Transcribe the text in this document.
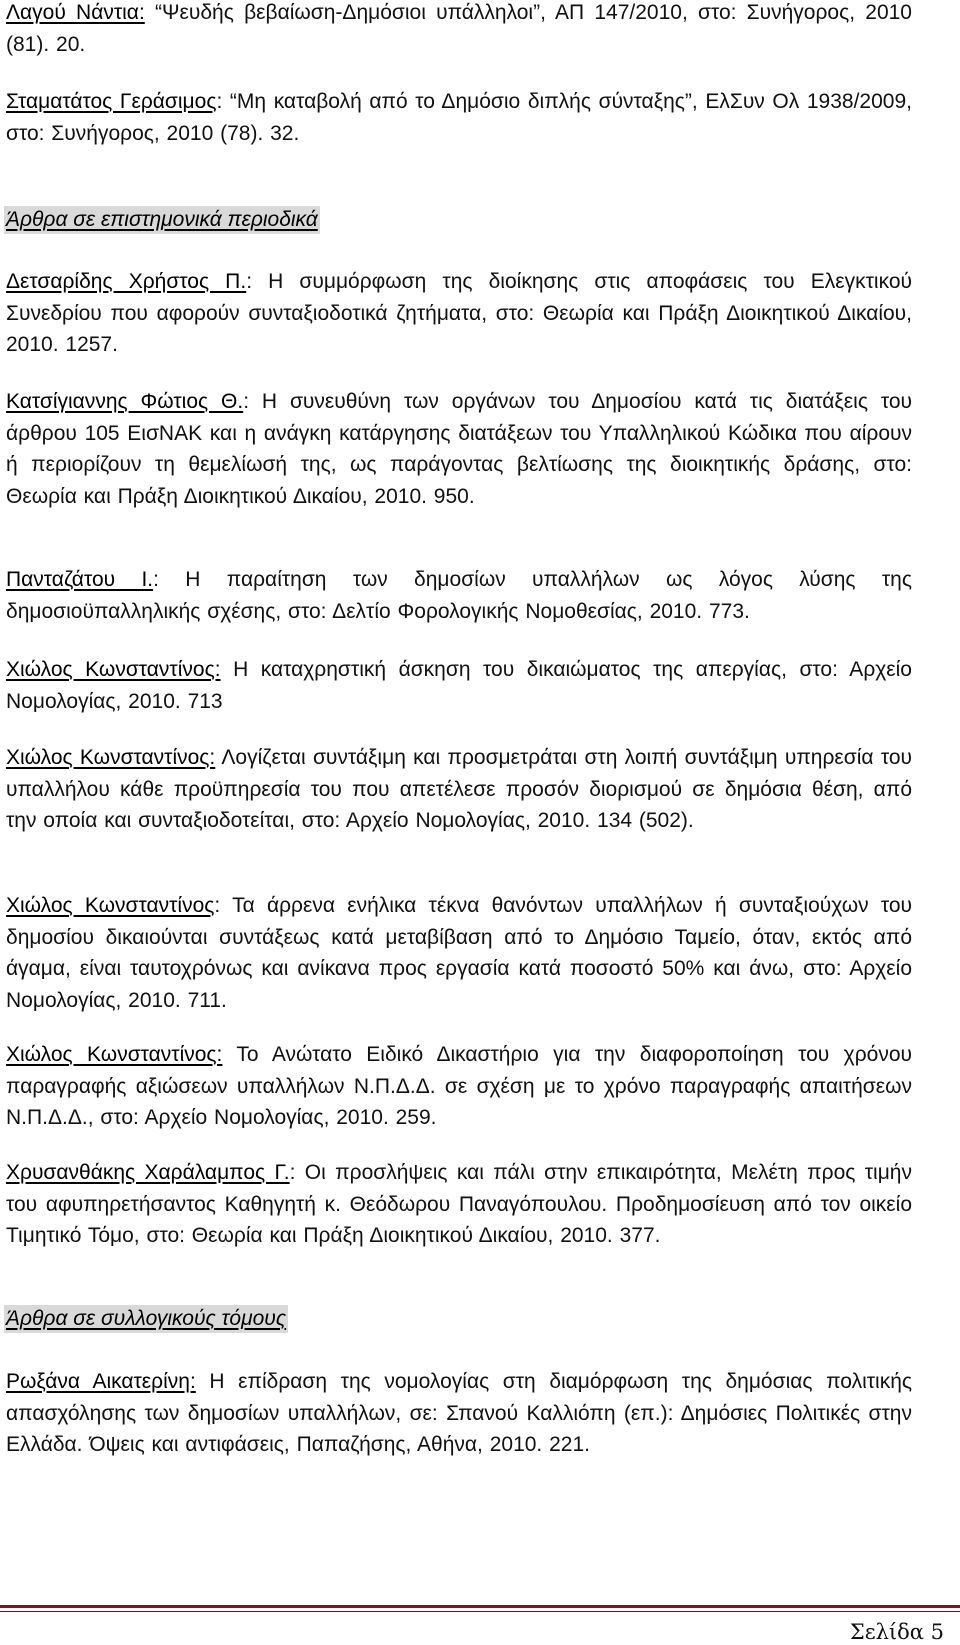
Λαγού Νάντια: “Ψευδής βεβαίωση-Δημόσιοι υπάλληλοι”, ΑΠ 147/2010, στο: Συνήγορος, 2010 (81). 20.

Σταματάτος Γεράσιμος: “Μη καταβολή από το Δημόσιο διπλής σύνταξης”, ΕλΣυν Ολ 1938/2009, στο: Συνήγορος, 2010 (78). 32.

Άρθρα σε επιστημονικά περιοδικά

Δετσαρίδης Χρήστος Π.: Η συμμόρφωση της διοίκησης στις αποφάσεις του Ελεγκτικού Συνεδρίου που αφορούν συνταξιοδοτικά ζητήματα, στο: Θεωρία και Πράξη Διοικητικού Δικαίου, 2010. 1257.

Κατσίγιαννης Φώτιος Θ.: Η συνευθύνη των οργάνων του Δημοσίου κατά τις διατάξεις του άρθρου 105 ΕισΝΑΚ και η ανάγκη κατάργησης διατάξεων του Υπαλληλικού Κώδικα που αίρουν ή περιορίζουν τη θεμελίωσή της, ως παράγοντας βελτίωσης της διοικητικής δράσης, στο: Θεωρία και Πράξη Διοικητικού Δικαίου, 2010. 950.

Πανταζάτου Ι.: Η παραίτηση των δημοσίων υπαλλήλων ως λόγος λύσης της δημοσιοϋπαλληλικής σχέσης, στο: Δελτίο Φορολογικής Νομοθεσίας, 2010. 773.

Χιώλος Κωνσταντίνος: Η καταχρηστική άσκηση του δικαιώματος της απεργίας, στο: Αρχείο Νομολογίας, 2010. 713

Χιώλος Κωνσταντίνος: Λογίζεται συντάξιμη και προσμετράται στη λοιπή συντάξιμη υπηρεσία του υπαλλήλου κάθε προϋπηρεσία του που απετέλεσε προσόν διορισμού σε δημόσια θέση, από την οποία και συνταξιοδοτείται, στο: Αρχείο Νομολογίας, 2010. 134 (502).

Χιώλος Κωνσταντίνος: Τα άρρενα ενήλικα τέκνα θανόντων υπαλλήλων ή συνταξιούχων του δημοσίου δικαιούνται συντάξεως κατά μεταβίβαση από το Δημόσιο Ταμείο, όταν, εκτός από άγαμα, είναι ταυτοχρόνως και ανίκανα προς εργασία κατά ποσοστό 50% και άνω, στο: Αρχείο Νομολογίας, 2010. 711.

Χιώλος Κωνσταντίνος: Το Ανώτατο Ειδικό Δικαστήριο για την διαφοροποίηση του χρόνου παραγραφής αξιώσεων υπαλλήλων Ν.Π.Δ.Δ. σε σχέση με το χρόνο παραγραφής απαιτήσεων Ν.Π.Δ.Δ., στο: Αρχείο Νομολογίας, 2010. 259.

Χρυσανθάκης Χαράλαμπος Γ.: Οι προσλήψεις και πάλι στην επικαιρότητα, Μελέτη προς τιμήν του αφυπηρετήσαντος Καθηγητή κ. Θεόδωρου Παναγόπουλου. Προδημοσίευση από τον οικείο Τιμητικό Τόμο, στο: Θεωρία και Πράξη Διοικητικού Δικαίου, 2010. 377.

Άρθρα σε συλλογικούς τόμους

Ρωξάνα Αικατερίνη: Η επίδραση της νομολογίας στη διαμόρφωση της δημόσιας πολιτικής απασχόλησης των δημοσίων υπαλλήλων, σε: Σπανού Καλλιόπη (επ.): Δημόσιες Πολιτικές στην Ελλάδα. Όψεις και αντιφάσεις, Παπαζήσης, Αθήνα, 2010. 221.

Σελίδα 5
